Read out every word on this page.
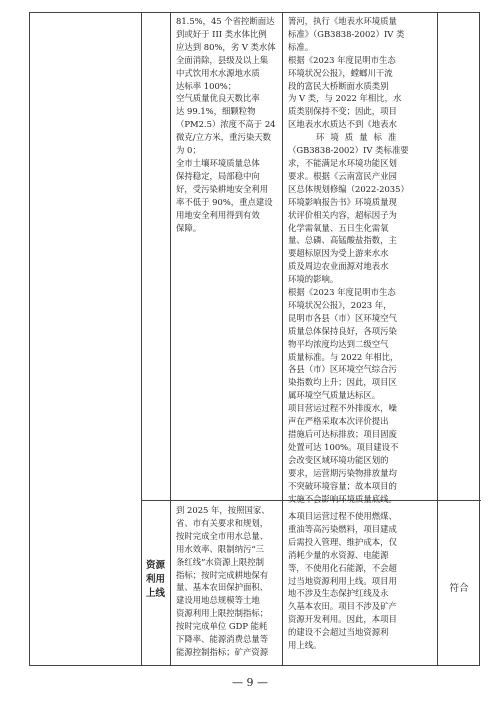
81.5%，45 个省控断面达
到或好于 III 类水体比例
应达到 80%，劣 V 类水体
全面消除，县级及以上集
中式饮用水水源地水质
达标率 100%；
空气质量优良天数比率
达 99.1%，细颗粒物
（PM2.5）浓度不高于 24
微克/立方米，重污染天数
为 0；
全市土壤环境质量总体
保持稳定，局部稳中向
好，受污染耕地安全利用
率不低于 90%，重点建设
用地安全利用得到有效
保障。
箐河，执行《地表水环境质量
标准》（GB3838-2002）IV 类
标准。
根据《2023 年度昆明市生态
环境状况公报》，螳螂川干流
段的富民大桥断面水质类别
为 V 类，与 2022 年相比，水
质类别保持不变；因此，项目
区地表水水质达不到《地表水
环境质量标准
（GB3838-2002）IV 类标准要
求，不能满足水环境功能区划
要求。根据《云南富民产业园
区总体规划修编（2022-2035）
环境影响报告书》环境质量现
状评价相关内容，超标因子为
化学需氧量、五日生化需氧
量、总磷、高锰酸盐指数，主
要超标原因为受上游来水水
质及周边农业面源对地表水
环境的影响。
根据《2023 年度昆明市生态
环境状况公报》，2023 年，
昆明市各县（市）区环境空气
质量总体保持良好，各项污染
物平均浓度均达到二级空气
质量标准。与 2022 年相比，
各县（市）区环境空气综合污
染指数均上升；因此，项目区
属环境空气质量达标区。
项目营运过程不外排废水，噪
声在严格采取本次评价提出
措施后可达标排放；项目固废
处置可达 100%。项目建设不
会改变区域环境功能区划的
要求，运营期污染物排放量均
不突破环境容量；故本项目的
实施不会影响环境质量底线。
资源
利用
上线
到 2025 年，按照国家、
省、市有关要求和规划，
按时完成全市用水总量、
用水效率、限制纳污“三
条红线”水资源上限控制
指标；按时完成耕地保有
量、基本农田保护面积、
建设用地总规模等土地
资源利用上限控制指标；
按时完成单位 GDP 能耗
下降率、能源消费总量等
能源控制指标；矿产资源
本项目运营过程不使用燃煤、
重油等高污染燃料，项目建成
后需投入管理、维护成本，仅
消耗少量的水资源、电能源
等，不使用化石能源，不会超
过当地资源利用上线。项目用
地不涉及生态保护红线及永
久基本农田。项目不涉及矿产
资源开发利用。因此，本项目
的建设不会超过当地资源利
用上线。
符合
— 9 —
